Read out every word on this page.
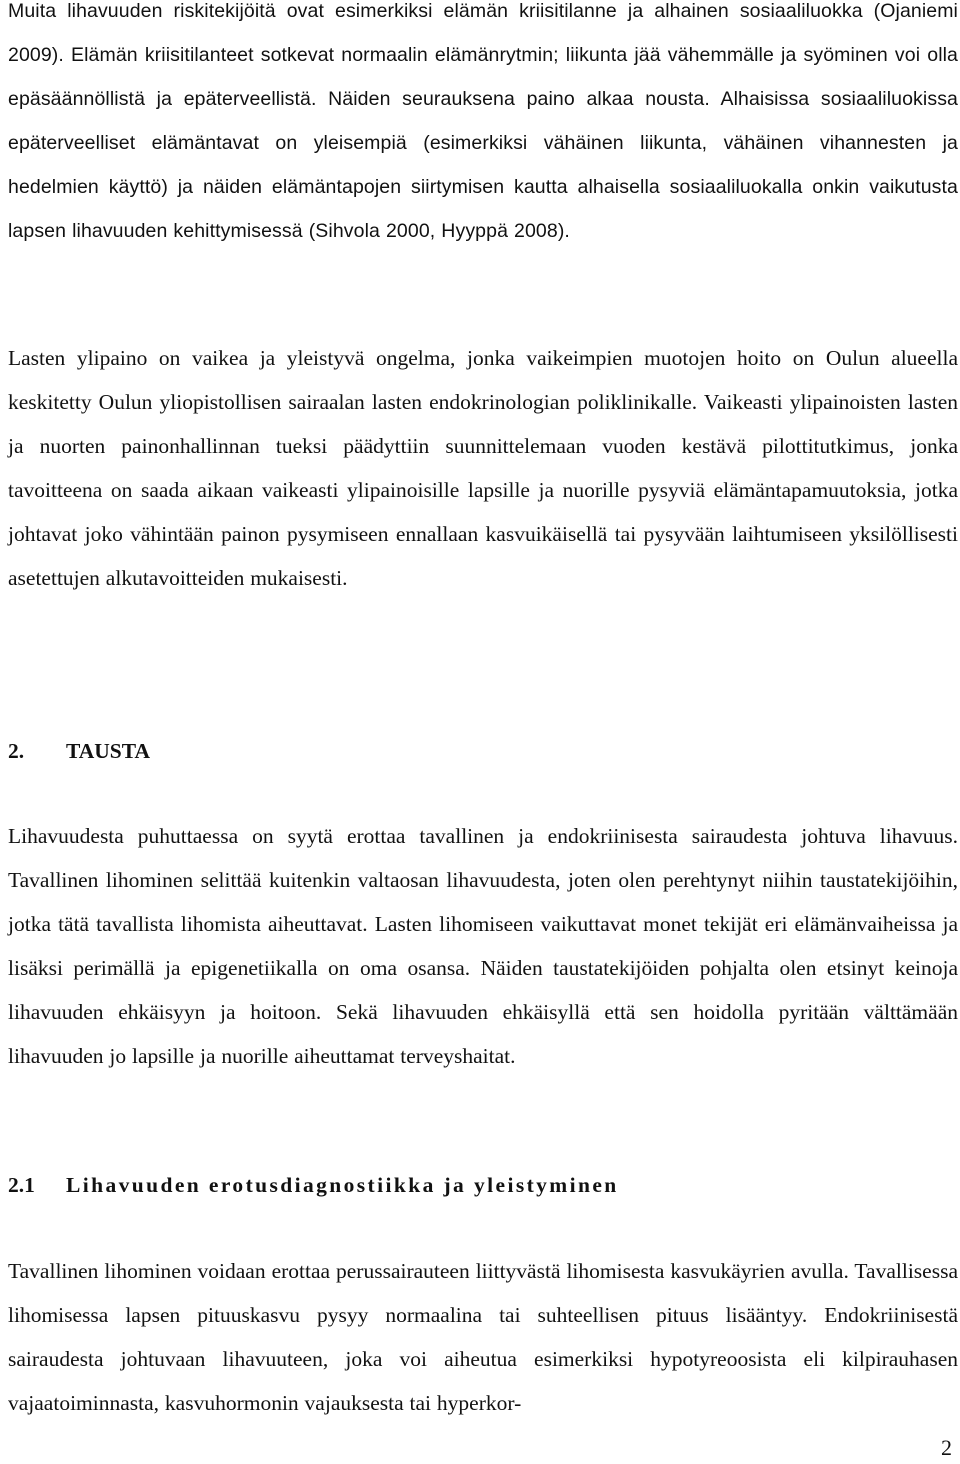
Muita lihavuuden riskitekijöitä ovat esimerkiksi elämän kriisitilanne ja alhainen sosiaaliluokka (Ojaniemi 2009). Elämän kriisitilanteet sotkevat normaalin elämänrytmin; liikunta jää vähemmälle ja syöminen voi olla epäsäännöllistä ja epäterveellistä. Näiden seurauksena paino alkaa nousta. Alhaisissa sosiaaliluokissa epäterveelliset elämäntavat on yleisempiä (esimerkiksi vähäinen liikunta, vähäinen vihannesten ja hedelmien käyttö) ja näiden elämäntapojen siirtymisen kautta alhaisella sosiaaliluokalla onkin vaikutusta lapsen lihavuuden kehittymisessä (Sihvola 2000, Hyyppä 2008).

Lasten ylipaino on vaikea ja yleistyvä ongelma, jonka vaikeimpien muotojen hoito on Oulun alueella keskitetty Oulun yliopistollisen sairaalan lasten endokrinologian poliklinikalle. Vaikeasti ylipainoisten lasten ja nuorten painonhallinnan tueksi päädyttiin suunnittelemaan vuoden kestävä pilottitutkimus, jonka tavoitteena on saada aikaan vaikeasti ylipainoisille lapsille ja nuorille pysyviä elämäntapamuutoksia, jotka johtavat joko vähintään painon pysymiseen ennallaan kasvuikäisellä tai pysyvään laihtumiseen yksilöllisesti asetettujen alkutavoitteiden mukaisesti.

2. TAUSTA

Lihavuudesta puhuttaessa on syytä erottaa tavallinen ja endokriinisesta sairaudesta johtuva lihavuus. Tavallinen lihominen selittää kuitenkin valtaosan lihavuudesta, joten olen perehtynyt niihin taustatekijöihin, jotka tätä tavallista lihomista aiheuttavat. Lasten lihomiseen vaikuttavat monet tekijät eri elämänvaiheissa ja lisäksi perimällä ja epigenetiikalla on oma osansa. Näiden taustatekijöiden pohjalta olen etsinyt keinoja lihavuuden ehkäisyyn ja hoitoon. Sekä lihavuuden ehkäisyllä että sen hoidolla pyritään välttämään lihavuuden jo lapsille ja nuorille aiheuttamat terveyshaitat.

2.1 Lihavuuden erotusdiagnostiikka ja yleistyminen

Tavallinen lihominen voidaan erottaa perussairauteen liittyvästä lihomisesta kasvukäyrien avulla. Tavallisessa lihomisessa lapsen pituuskasvu pysyy normaalina tai suhteellisen pituus lisääntyy. Endokriinisestä sairaudesta johtuvaan lihavuuteen, joka voi aiheutua esimerkiksi hypotyreoosista eli kilpirauhasen vajaatoiminnasta, kasvuhormonin vajauksesta tai hyperkor-

2
